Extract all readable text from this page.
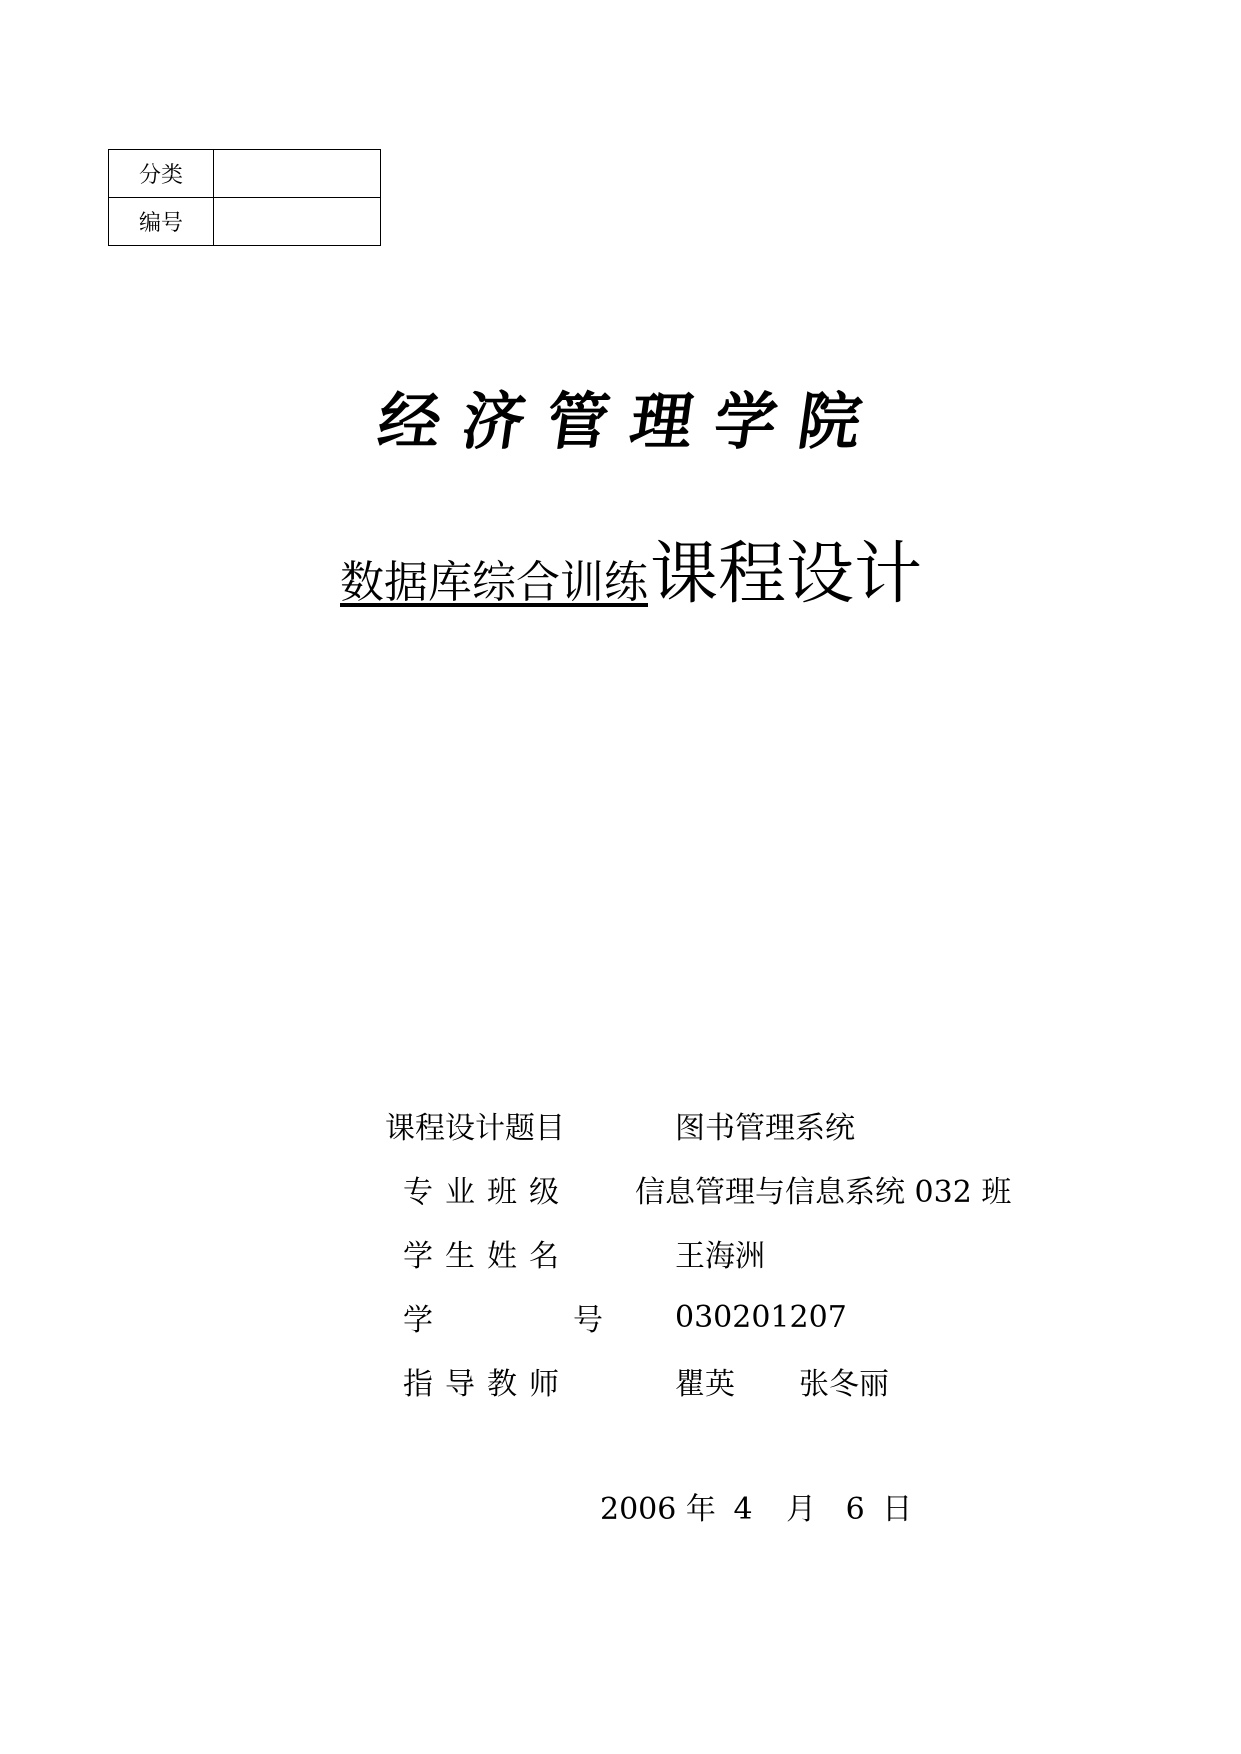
分类	
编号	
经济管理学院
数据库综合训练课程设计
课程设计题目	图书管理系统
专业班级	信息管理与信息系统 032 班
学生姓名	王海洲
学	号	030201207
指导教师	瞿英 张冬丽
2006 年 4 月 6 日
